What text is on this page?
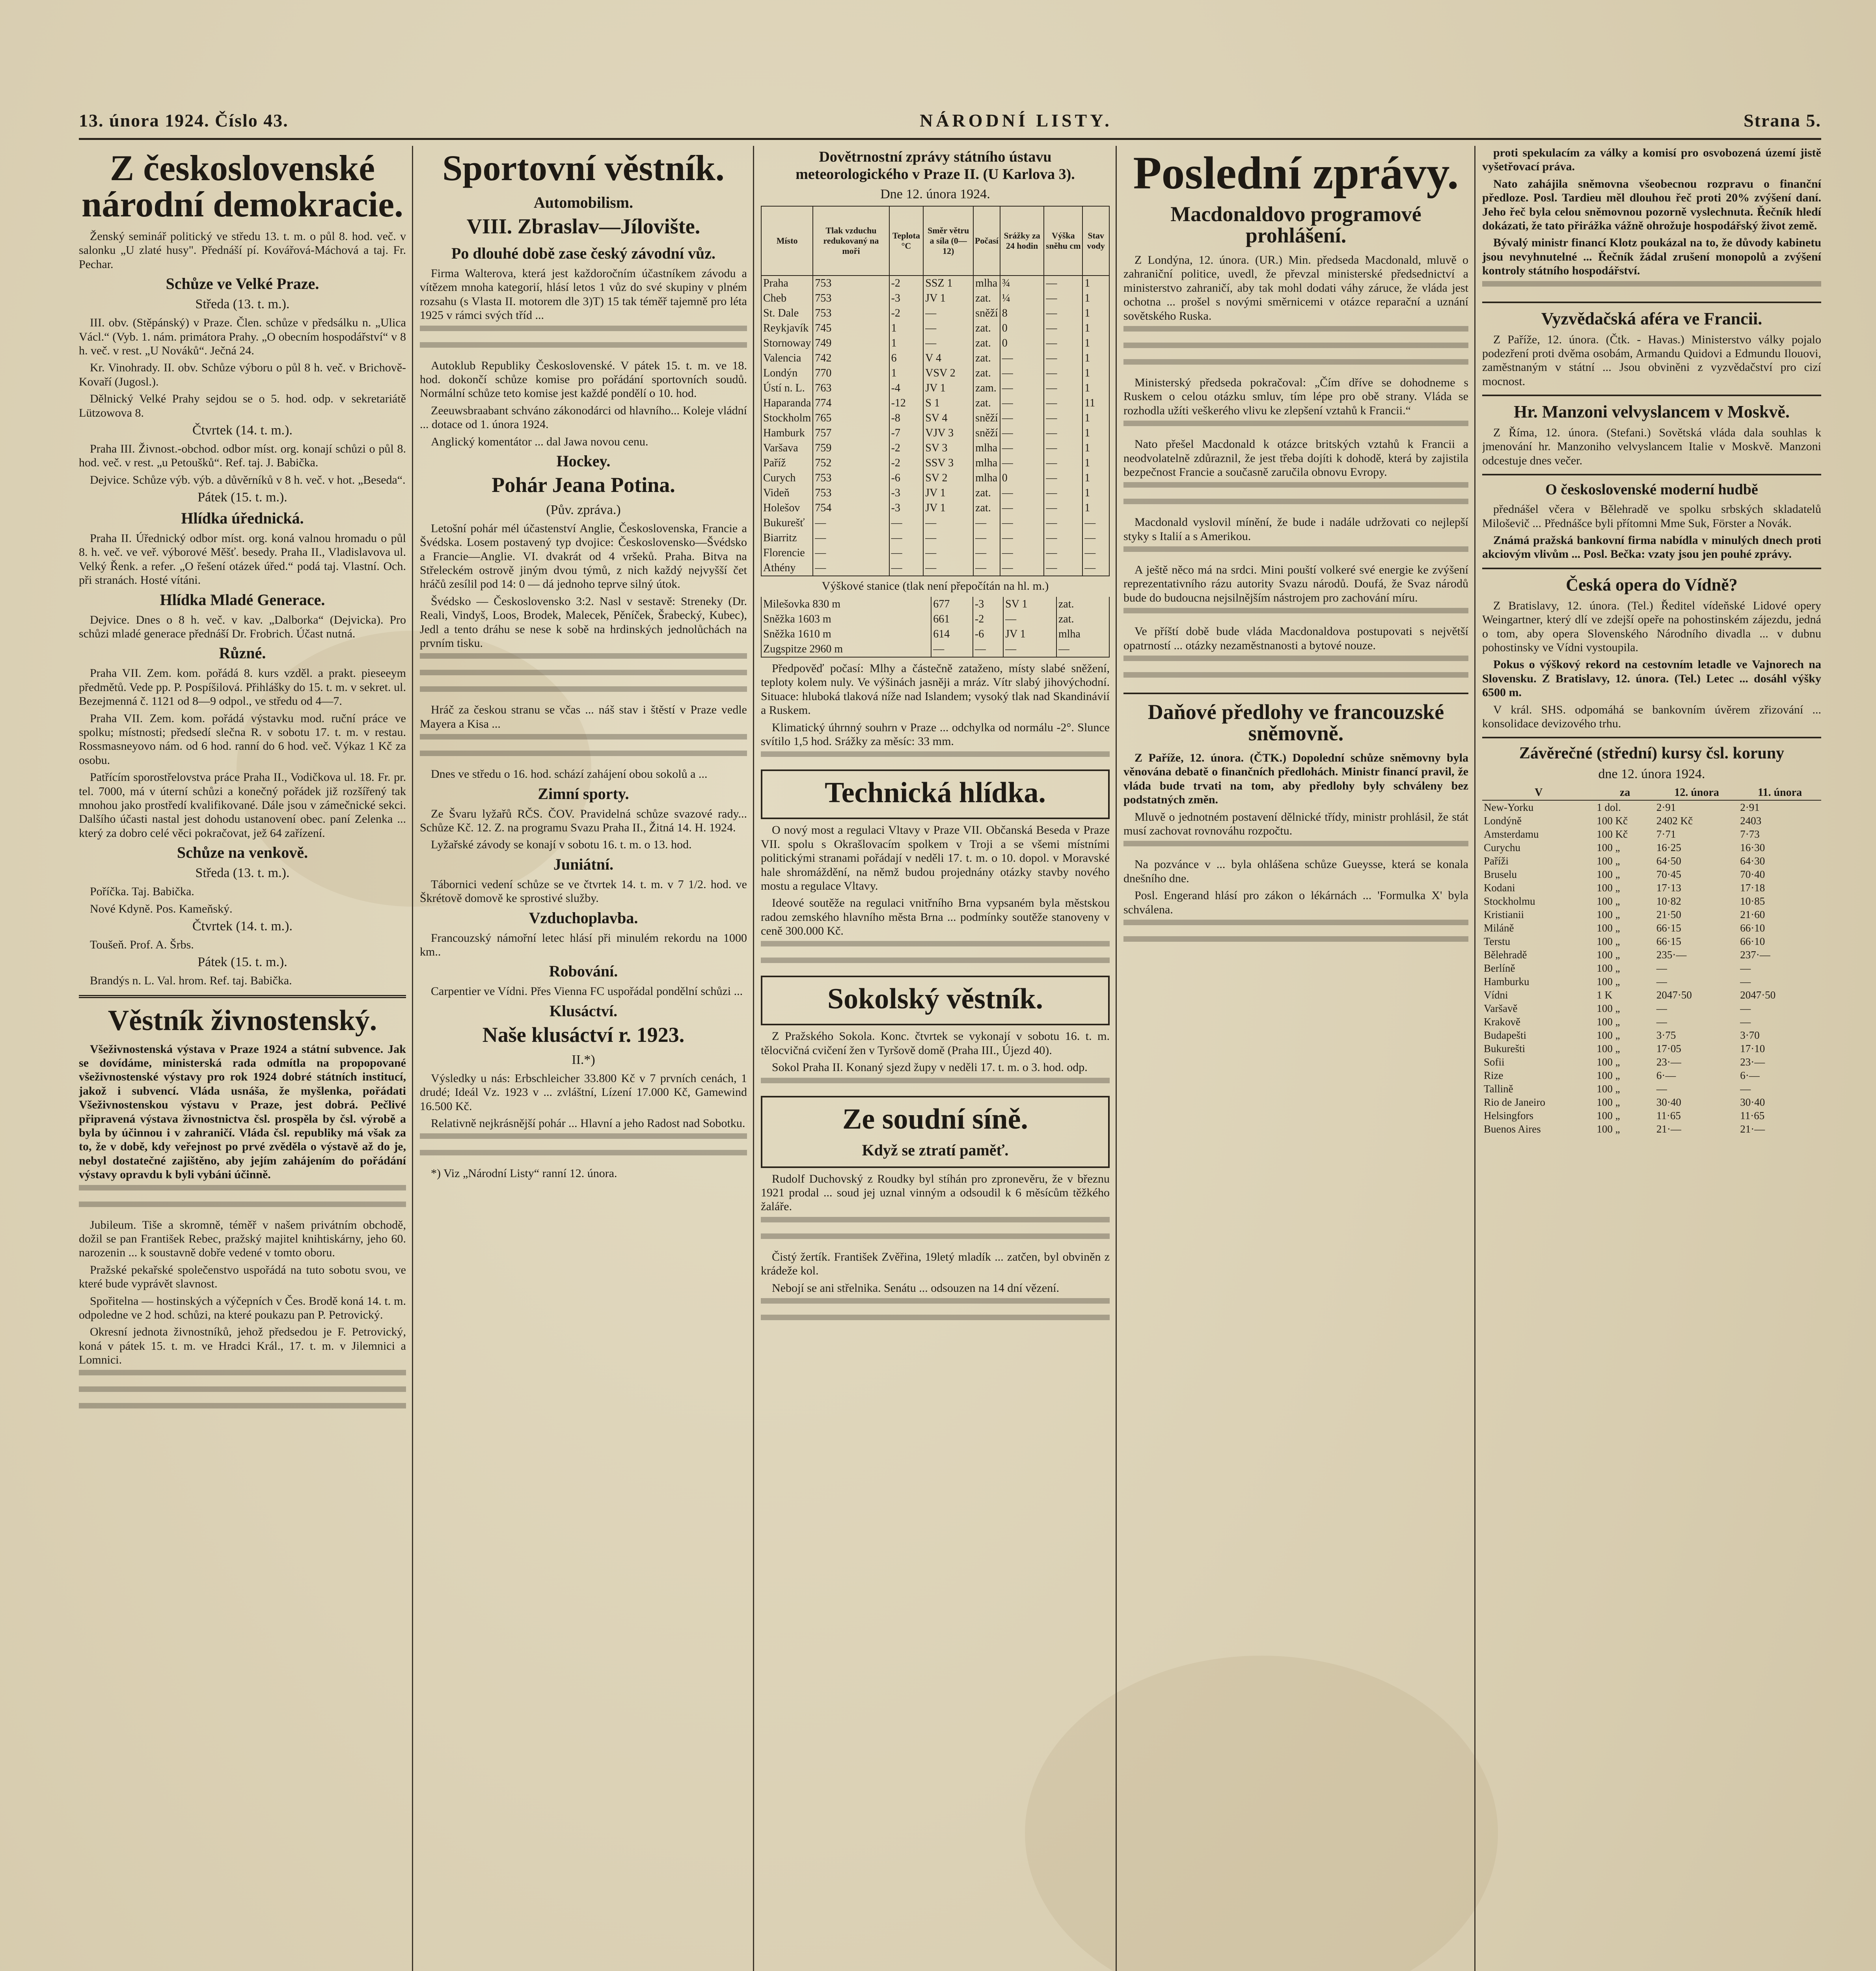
13. února 1924. Číslo 43.	NÁRODNÍ LISTY.	Strana 5.
Z československé národní demokracie.

Ženský seminář politický ve středu 13. t. m. o půl 8. hod. več. v salonku „U zlaté husy". Přednáší pí. Kovářová-Máchová a taj. Fr. Pechar.

Schůze ve Velké Praze.
Středa (13. t. m.).

III. obv. (Stěpánský) v Praze. Člen. schůze v předsálku n. „Ulica Václ.“ (Vyb. 1. nám. primátora Prahy. „O obecním hospodářství“ v 8 h. več. v rest. „U Nováků“. Ječná 24.

Kr. Vinohrady. II. obv. Schůze výboru o půl 8 h. več. v Brichově-Kovaří (Jugosl.).

Dělnický Velké Prahy sejdou se o 5. hod. odp. v sekretariátě Lützowova 8.

Čtvrtek (14. t. m.).

Praha III. Živnost.-obchod. odbor míst. org. konají schůzi o půl 8. hod. več. v rest. „u Petoušků“. Ref. taj. J. Babička.

Dejvice. Schůze výb. výb. a důvěrníků v 8 h. več. v hot. „Beseda“.

Pátek (15. t. m.).
Hlídka úřednická.

Praha II. Úřednický odbor míst. org. koná valnou hromadu o půl 8. h. več. ve veř. výborové Měšť. besedy. Praha II., Vladislavova ul. Velký Řenk. a refer. „O řešení otázek úřed.“ podá taj. Vlastní. Och. při stranách. Hosté vítáni.

Hlídka Mladé Generace.

Dejvice. Dnes o 8 h. več. v kav. „Dalborka“ (Dejvicka). Pro schůzi mladé generace přednáší Dr. Frobrich. Účast nutná.

Různé.

Praha VII. Zem. kom. pořádá 8. kurs vzděl. a prakt. pieseeym předmětů. Vede pp. P. Pospíšilová. Přihlášky do 15. t. m. v sekret. ul. Bezejmenná č. 1121 od 8—9 odpol., ve středu od 4—7.

Praha VII. Zem. kom. pořádá výstavku mod. ruční práce ve spolku; místnosti; předsedí slečna R. v sobotu 17. t. m. v restau. Rossmasneyovo nám. od 6 hod. ranní do 6 hod. več. Výkaz 1 Kč za osobu.

Patřícím sporostřelovstva práce Praha II., Vodičkova ul. 18. Fr. pr. tel. 7000, má v úterní schůzi a konečný pořádek již rozšířený tak mnohou jako prostředí kvalifikované. Dále jsou v zámečnické sekci. Dalšího účasti nastal jest dohodu ustanovení obec. paní Zelenka ... který za dobro celé věci pokračovat, jež 64 zařízení.

Schůze na venkově.
Středa (13. t. m.).

Poříčka. Taj. Babička.

Nové Kdyně. Pos. Kameňský.

Čtvrtek (14. t. m.).

Toušeň. Prof. A. Šrbs.

Pátek (15. t. m.).

Brandýs n. L. Val. hrom. Ref. taj. Babička.

Věstník živnostenský.

Všeživnostenská výstava v Praze 1924 a státní subvence. Jak se dovídáme, ministerská rada odmítla na propopované všeživnostenské výstavy pro rok 1924 dobré státních institucí, jakož i subvencí. Vláda usnáša, že myšlenka, pořádati Všeživnostenskou výstavu v Praze, jest dobrá. Pečlivé připravená výstava živnostnictva čsl. prospěla by čsl. výrobě a byla by účinnou i v zahraničí. Vláda čsl. republiky má však za to, že v době, kdy veřejnost po prvé zvěděla o výstavě až do je, nebyl dostatečné zajištěno, aby jejím zahájením do pořádání výstavy opravdu k byli vybáni účinně.

Jubileum. Tiše a skromně, téměř v našem privátním obchodě, dožil se pan František Rebec, pražský majitel knihtiskárny, jeho 60. narozenin ... k soustavně dobře vedené v tomto oboru.

Pražské pekařské společenstvo uspořádá na tuto sobotu svou, ve které bude vyprávět slavnost.

Spořitelna — hostinských a výčepních v Čes. Brodě koná 14. t. m. odpoledne ve 2 hod. schůzi, na které poukazu pan P. Petrovický.

Okresní jednota živnostníků, jehož předsedou je F. Petrovický, koná v pátek 15. t. m. ve Hradci Král., 17. t. m. v Jilemnici a Lomnici.

Sportovní věstník.
Automobilism.
VIII. Zbraslav—Jílovište.
Po dlouhé době zase český závodní vůz.

Firma Walterova, která jest každoročním účastníkem závodu a vítězem mnoha kategorií, hlásí letos 1 vůz do své skupiny v plném rozsahu (s Vlasta II. motorem dle 3)T) 15 tak téměř tajemně pro léta 1925 v rámci svých tříd ...

Autoklub Republiky Československé. V pátek 15. t. m. ve 18. hod. dokončí schůze komise pro pořádání sportovních soudů. Normální schůze teto komise jest každé pondělí o 10. hod.

Zeeuwsbraabant schváno zákonodárci od hlavního... Koleje vládní ... dotace od 1. února 1924.

Anglický komentátor ... dal Jawa novou cenu.

Hockey.
Pohár Jeana Potina.
(Pův. zpráva.)

Letošní pohár mél účastenství Anglie, Československa, Francie a Švédska. Losem postavený typ dvojice: Československo—Švédsko a Francie—Anglie. VI. dvakrát od 4 vršeků. Praha. Bitva na Střeleckém ostrově jiným dvou týmů, z nich každý nejvyšší čet hráčů zesílil pod 14: 0 — dá jednoho teprve silný útok.

Švédsko — Československo 3:2. Nasl v sestavě: Streneky (Dr. Reali, Vindyš, Loos, Brodek, Malecek, Pěníček, Šrabecký, Kubec), Jedl a tento dráhu se nese k sobě na hrdinských jednolůchách na prvním tisku.

Hráč za českou stranu se včas ... náš stav i štěstí v Praze vedle Mayera a Kisa ...

Dnes ve středu o 16. hod. schází zahájení obou sokolů a ...

Zimní sporty.

Ze Švaru lyžařů RČS. ČOV. Pravidelná schůze svazové rady... Schůze Kč. 12. Z. na programu Svazu Praha II., Žitná 14. H. 1924.

Lyžařské závody se konají v sobotu 16. t. m. o 13. hod.

Juniátní.

Tábornici vedení schůze se ve čtvrtek 14. t. m. v 7 1/2. hod. ve Škrétově domově ke sprostivé služby.

Vzduchoplavba.

Francouzský námořní letec hlásí při minulém rekordu na 1000 km..

Robování.

Carpentier ve Vídni. Přes Vienna FC uspořádal pondělní schůzi ...

Klusáctví.
Naše klusáctví r. 1923.
II.*)

Výsledky u nás: Erbschleicher 33.800 Kč v 7 prvních cenách, 1 drudé; Ideál Vz. 1923 v ... zvláštní, Lízení 17.000 Kč, Gamewind 16.500 Kč.

Relativně nejkrásnější pohár ... Hlavní a jeho Radost nad Sobotku.

*) Viz „Národní Listy“ ranní 12. února.

Dovětrnostní zprávy státního ústavu meteorologického v Praze II. (U Karlova 3).
Dne 12. února 1924.
Místo	Tlak vzduchu redukovaný na moři	Teplota °C	Směr větru a síla (0—12)	Počasí	Srážky za 24 hodin	Výška sněhu cm	Stav vody
Praha	753	-2	SSZ 1	mlha	¾	—	1
Cheb	753	-3	JV 1	zat.	¼	—	1
St. Dale	753	-2	—	sněží	8	—	1
Reykjavík	745	1	—	zat.	0	—	1
Stornoway	749	1	—	zat.	0	—	1
Valencia	742	6	V 4	zat.	—	—	1
Londýn	770	1	VSV 2	zat.	—	—	1
Ústí n. L.	763	-4	JV 1	zam.	—	—	1
Haparanda	774	-12	S 1	zat.	—	—	11
Stockholm	765	-8	SV 4	sněží	—	—	1
Hamburk	757	-7	VJV 3	sněží	—	—	1
Varšava	759	-2	SV 3	mlha	—	—	1
Paříž	752	-2	SSV 3	mlha	—	—	1
Curych	753	-6	SV 2	mlha	0	—	1
Videň	753	-3	JV 1	zat.	—	—	1
Holešov	754	-3	JV 1	zat.	—	—	1
Bukurešť	—	—	—	—	—	—	—
Biarritz	—	—	—	—	—	—	—
Florencie	—	—	—	—	—	—	—
Athény	—	—	—	—	—	—	—
Výškové stanice (tlak není přepočítán na hl. m.)
Milešovka 830 m	677	-3	SV 1	zat.
Sněžka 1603 m	661	-2	—	zat.
Sněžka 1610 m	614	-6	JV 1	mlha
Zugspitze 2960 m	—	—	—	—

Předpověď počasí: Mlhy a částečně zataženo, místy slabé sněžení, teploty kolem nuly. Ve výšinách jasněji a mráz. Vítr slabý jihovýchodní. Situace: hluboká tlaková níže nad Islandem; vysoký tlak nad Skandinávií a Ruskem.

Klimatický úhrnný souhrn v Praze ... odchylka od normálu -2°. Slunce svítilo 1,5 hod. Srážky za měsíc: 33 mm.

Technická hlídka.

O nový most a regulaci Vltavy v Praze VII. Občanská Beseda v Praze VII. spolu s Okrašlovacím spolkem v Troji a se všemi místními politickými stranami pořádají v neděli 17. t. m. o 10. dopol. v Moravské hale shromáždění, na němž budou projednány otázky stavby nového mostu a regulace Vltavy.

Ideové soutěže na regulaci vnitřního Brna vypsaném byla městskou radou zemského hlavního města Brna ... podmínky soutěže stanoveny v ceně 300.000 Kč.

Sokolský věstník.

Z Pražského Sokola. Konc. čtvrtek se vykonají v sobotu 16. t. m. tělocvičná cvičení žen v Tyršově domě (Praha III., Újezd 40).

Sokol Praha II. Konaný sjezd župy v neděli 17. t. m. o 3. hod. odp.

Ze soudní síně.
Když se ztratí paměť.

Rudolf Duchovský z Roudky byl stíhán pro zpronevěru, že v březnu 1921 prodal ... soud jej uznal vinným a odsoudil k 6 měsícům těžkého žaláře.

Čistý žertík. František Zvěřina, 19letý mladík ... zatčen, byl obviněn z krádeže kol.

Nebojí se ani střelnika. Senátu ... odsouzen na 14 dní vězení.

Poslední zprávy.
Macdonaldovo programové prohlášení.

Z Londýna, 12. února. (UR.) Min. předseda Macdonald, mluvě o zahraniční politice, uvedl, že převzal ministerské předsednictví a ministerstvo zahraničí, aby tak mohl dodati váhy záruce, že vláda jest ochotna ... prošel s novými směrnicemi v otázce reparační a uznání sovětského Ruska.

Ministerský předseda pokračoval: „Čím dříve se dohodneme s Ruskem o celou otázku smluv, tím lépe pro obě strany. Vláda se rozhodla užíti veškerého vlivu ke zlepšení vztahů k Francii.“

Nato přešel Macdonald k otázce britských vztahů k Francii a neodvolatelně zdůraznil, že jest třeba dojíti k dohodě, která by zajistila bezpečnost Francie a současně zaručila obnovu Evropy.

Macdonald vyslovil mínění, že bude i nadále udržovati co nejlepší styky s Italií a s Amerikou.

A ještě něco má na srdci. Mini pouští volkeré své energie ke zvýšení reprezentativního rázu autority Svazu národů. Doufá, že Svaz národů bude do budoucna nejsilnějším nástrojem pro zachování míru.

Ve příští době bude vláda Macdonaldova postupovati s největší opatrností ... otázky nezaměstnanosti a bytové nouze.

Daňové předlohy ve francouzské sněmovně.

Z Paříže, 12. února. (ČTK.) Dopolední schůze sněmovny byla věnována debatě o finančních předlohách. Ministr financí pravil, že vláda bude trvati na tom, aby předlohy byly schváleny bez podstatných změn.

Mluvě o jednotném postavení dělnické třídy, ministr prohlásil, že stát musí zachovat rovnováhu rozpočtu.

Na pozvánce v ... byla ohlášena schůze Gueysse, která se konala dnešního dne.

Posl. Engerand hlásí pro zákon o lékárnách ... 'Formulka X' byla schválena.

proti spekulacím za války a komisí pro osvobozená území jistě vyšetřovací práva.

Nato zahájila sněmovna všeobecnou rozpravu o finanční předloze. Posl. Tardieu měl dlouhou řeč proti 20% zvýšení daní. Jeho řeč byla celou sněmovnou pozorně vyslechnuta. Řečník hledí dokázati, že tato přirážka vážně ohrožuje hospodářský život země.

Bývalý ministr financí Klotz poukázal na to, že důvody kabinetu jsou nevyhnutelné ... Řečník žádal zrušení monopolů a zvýšení kontroly státního hospodářství.

Vyzvědačská aféra ve Francii.

Z Paříže, 12. února. (Čtk. - Havas.) Ministerstvo války pojalo podezření proti dvěma osobám, Armandu Quidovi a Edmundu Ilouovi, zaměstnaným v státní ... Jsou obviněni z vyzvědačství pro cizí mocnost.

Hr. Manzoni velvyslancem v Moskvě.

Z Říma, 12. února. (Stefani.) Sovětská vláda dala souhlas k jmenování hr. Manzoniho velvyslancem Italie v Moskvě. Manzoni odcestuje dnes večer.

O československé moderní hudbě

přednášel včera v Bělehradě ve spolku srbských skladatelů Miloševič ... Přednášce byli přítomni Mme Suk, Förster a Novák.

Známá pražská bankovní firma nabídla v minulých dnech proti akciovým vlivům ... Posl. Bečka: vzaty jsou jen pouhé zprávy.

Česká opera do Vídně?

Z Bratislavy, 12. února. (Tel.) Ředitel vídeňské Lidové opery Weingartner, který dlí ve zdejší opeře na pohostinském zájezdu, jedná o tom, aby opera Slovenského Národního divadla ... v dubnu pohostinsky ve Vídni vystoupila.

Pokus o výškový rekord na cestovním letadle ve Vajnorech na Slovensku. Z Bratislavy, 12. února. (Tel.) Letec ... dosáhl výšky 6500 m.

V král. SHS. odpomáhá se bankovním úvěrem zřizování ... konsolidace devizového trhu.

Závěrečné (střední) kursy čsl. koruny
dne 12. února 1924.
V	za	12. února	11. února
New-Yorku	1 dol.	2·91	2·91
Londýně	100 Kč	2402 Kč	2403
Amsterdamu	100 Kč	7·71	7·73
Curychu	100 „	16·25	16·30
Paříži	100 „	64·50	64·30
Bruselu	100 „	70·45	70·40
Kodani	100 „	17·13	17·18
Stockholmu	100 „	10·82	10·85
Kristianii	100 „	21·50	21·60
Miláně	100 „	66·15	66·10
Terstu	100 „	66·15	66·10
Bělehradě	100 „	235·—	237·—
Berlíně	100 „	—	—
Hamburku	100 „	—	—
Vídni	1 K	2047·50	2047·50
Varšavě	100 „	—	—
Krakově	100 „	—	—
Budapešti	100 „	3·75	3·70
Bukurešti	100 „	17·05	17·10
Sofii	100 „	23·—	23·—
Rize	100 „	6·—	6·—
Tallině	100 „	—	—
Rio de Janeiro	100 „	30·40	30·40
Helsingfors	100 „	11·65	11·65
Buenos Aires	100 „	21·—	21·—
